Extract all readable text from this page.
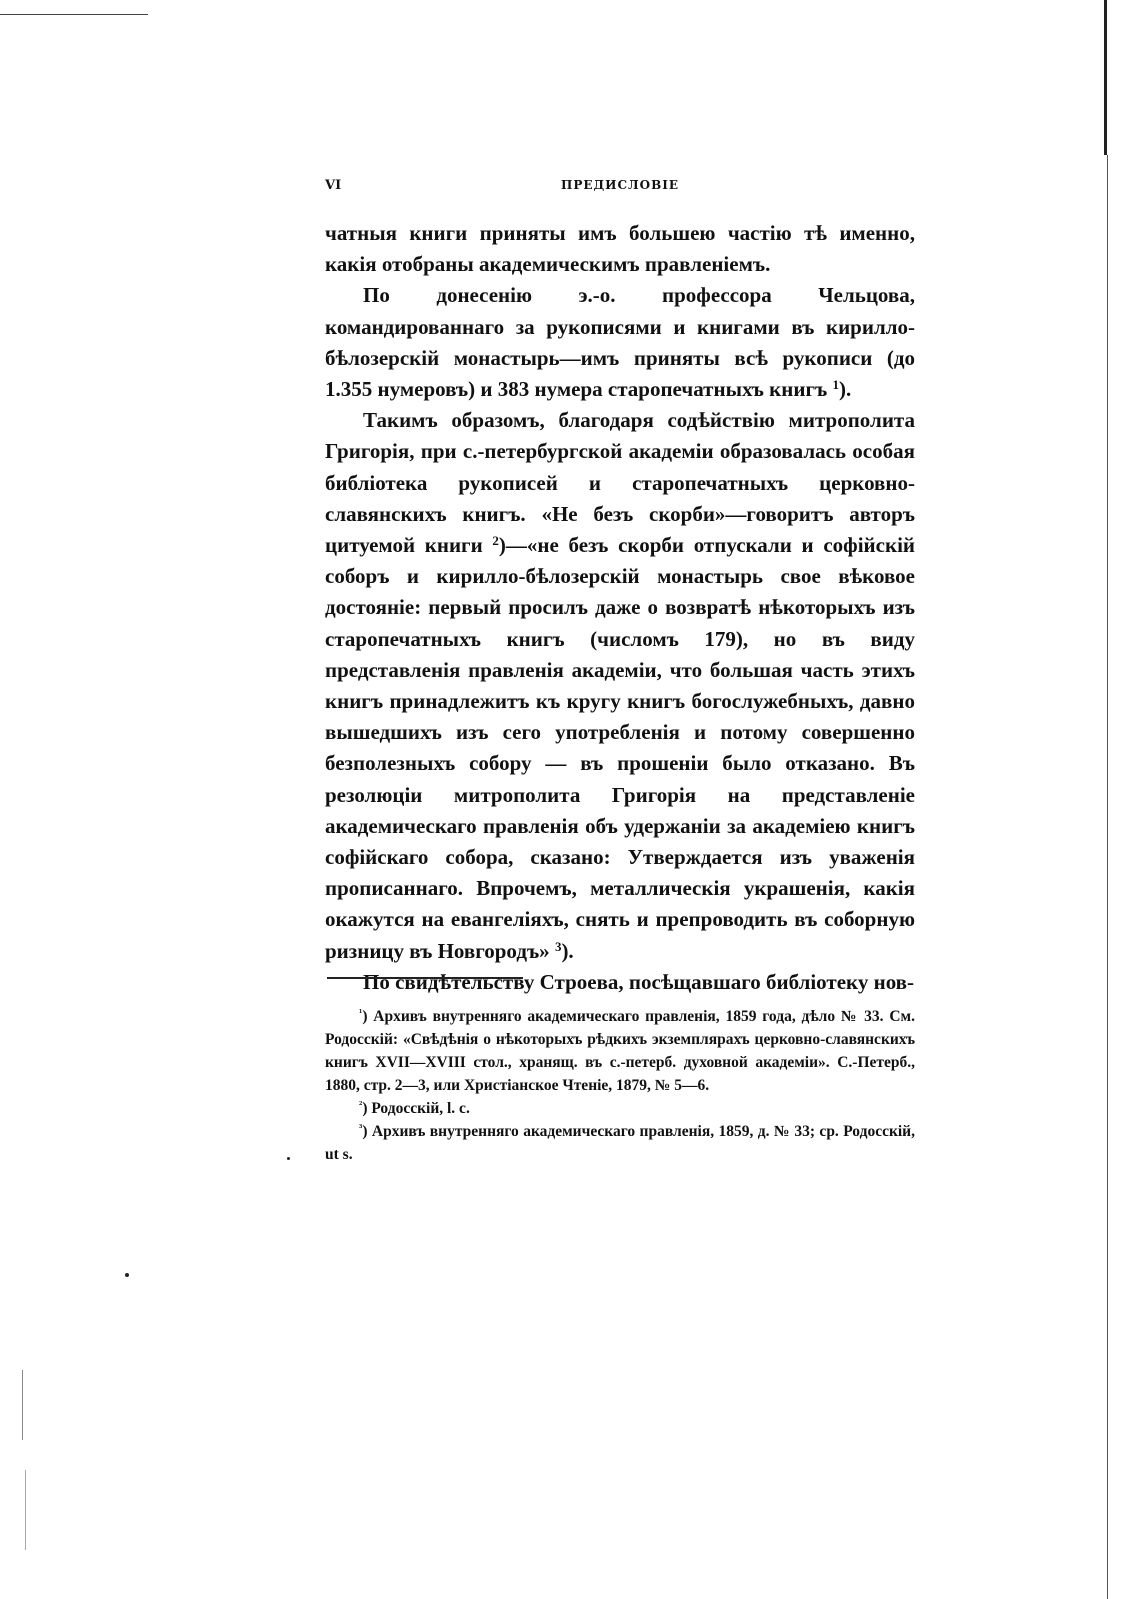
VI	ПРЕДИСЛОВІЕ

чатныя книги приняты имъ большею частію тѣ именно, какія отобраны академическимъ правленіемъ.

По донесенію э.-о. профессора Чельцова, командированнаго за рукописями и книгами въ кирилло-бѣлозерскій монастырь—имъ приняты всѣ рукописи (до 1.355 нумеровъ) и 383 нумера старопечатныхъ книгъ $^1$).

Такимъ образомъ, благодаря содѣйствію митрополита Григорія, при с.-петербургской академіи образовалась особая библіотека рукописей и старопечатныхъ церковно-славянскихъ книгъ. «Не безъ скорби»—говоритъ авторъ цитуемой книги $^2$)—«не безъ скорби отпускали и софійскій соборъ и кирилло-бѣлозерскій монастырь свое вѣковое достояніе: первый просилъ даже о возвратѣ нѣкоторыхъ изъ старопечатныхъ книгъ (числомъ 179), но въ виду представленія правленія академіи, что большая часть этихъ книгъ принадлежитъ къ кругу книгъ богослужебныхъ, давно вышедшихъ изъ сего употребленія и потому совершенно безполезныхъ собору — въ прошеніи было отказано. Въ резолюціи митрополита Григорія на представленіе академическаго правленія объ удержаніи за академіею книгъ софійскаго собора, сказано: Утверждается изъ уваженія прописаннаго. Впрочемъ, металлическія украшенія, какія окажутся на евангеліяхъ, снять и препроводить въ соборную ризницу въ Новгородъ» $^3$).

По свидѣтельству Строева, посѣщавшаго библіотеку нов-

$^{^1}$) Архивъ внутренняго академическаго правленія, 1859 года, дѣло № 33. См. Родосскій: «Свѣдѣнія о нѣкоторыхъ рѣдкихъ экземплярахъ церковно-славянскихъ книгъ XVII—XVIII стол., хранящ. въ с.-петерб. духовной академіи». С.-Петерб., 1880, стр. 2—3, или Христіанское Чтеніе, 1879, № 5—6.

$^{^2}$) Родосскій, l. c.

$^{^3}$) Архивъ внутренняго академическаго правленія, 1859, д. № 33; ср. Родосскій, ut s.
